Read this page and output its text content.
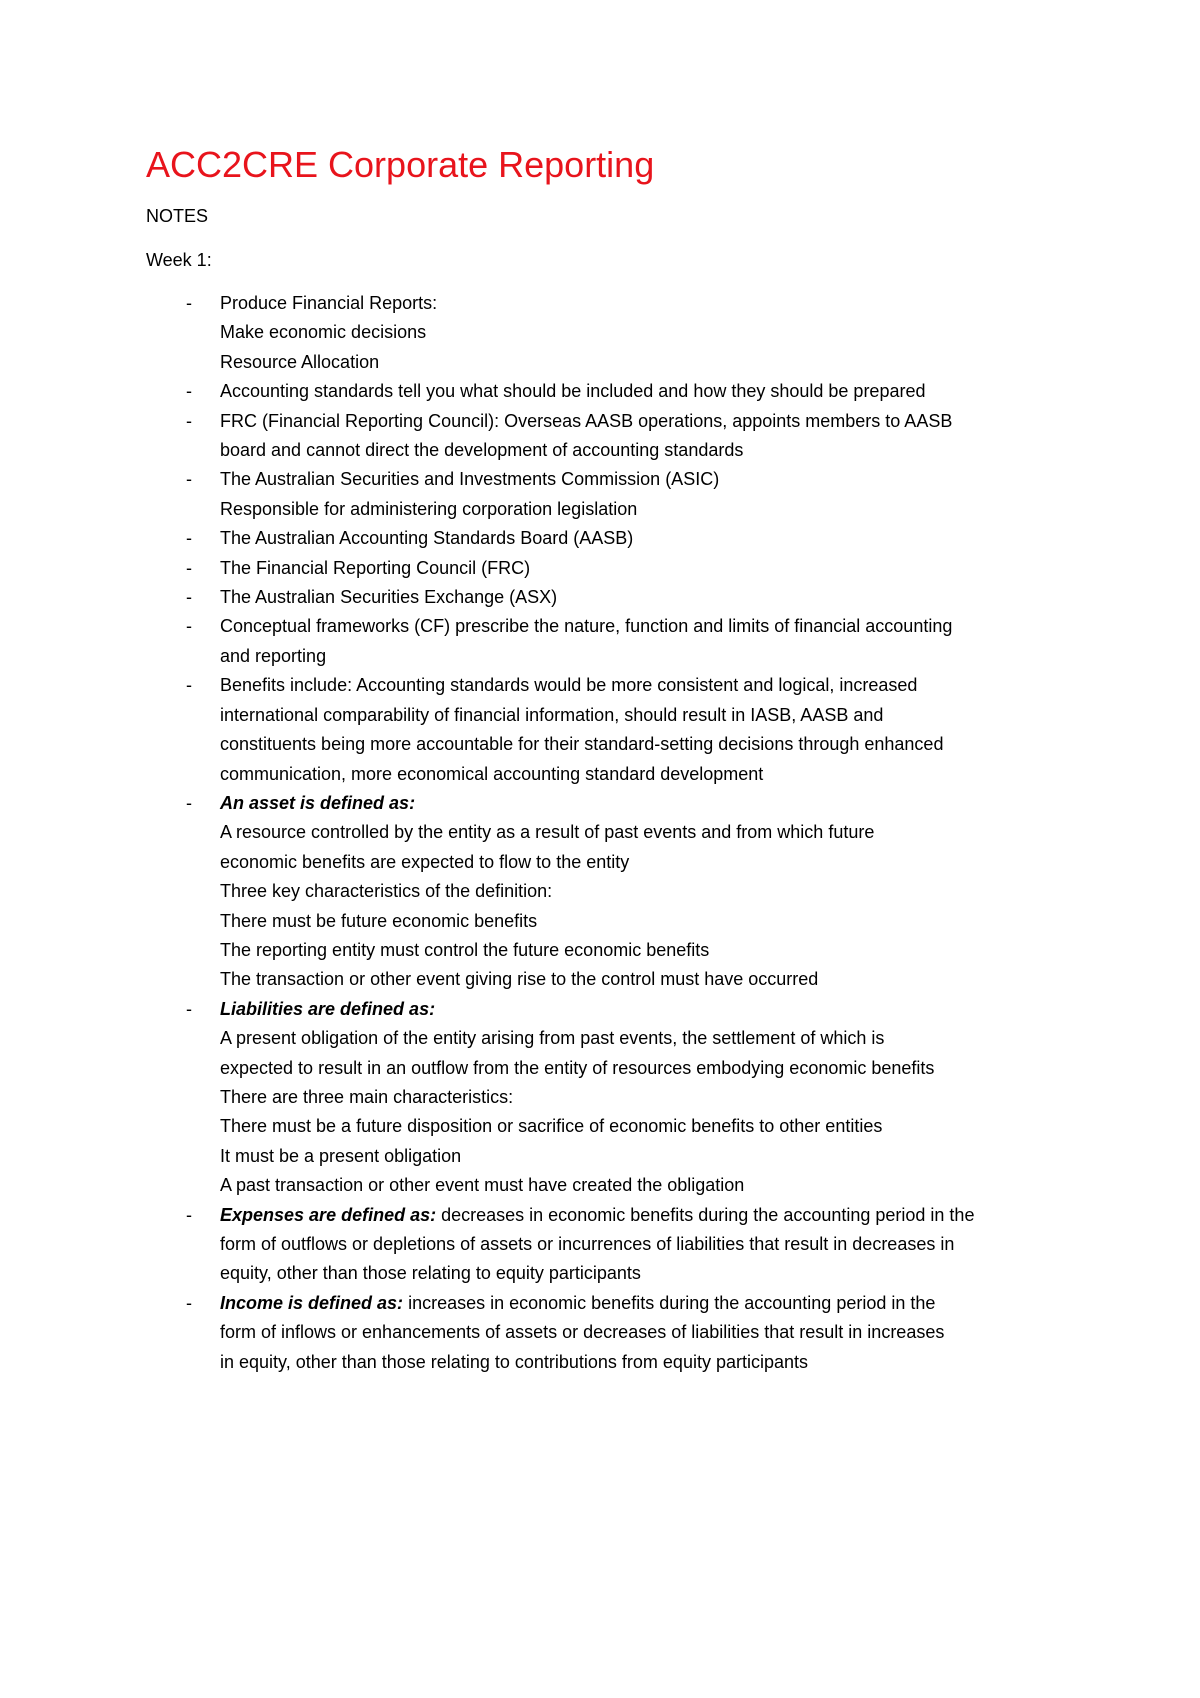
ACC2CRE Corporate Reporting

NOTES

Week 1:

- Produce Financial Reports:
Make economic decisions
Resource Allocation
- Accounting standards tell you what should be included and how they should be prepared
- FRC (Financial Reporting Council): Overseas AASB operations, appoints members to AASB
board and cannot direct the development of accounting standards
- The Australian Securities and Investments Commission (ASIC)
Responsible for administering corporation legislation
- The Australian Accounting Standards Board (AASB)
- The Financial Reporting Council (FRC)
- The Australian Securities Exchange (ASX)
- Conceptual frameworks (CF) prescribe the nature, function and limits of financial accounting
and reporting
- Benefits include: Accounting standards would be more consistent and logical, increased
international comparability of financial information, should result in IASB, AASB and
constituents being more accountable for their standard-setting decisions through enhanced
communication, more economical accounting standard development
- An asset is defined as:
A resource controlled by the entity as a result of past events and from which future
economic benefits are expected to flow to the entity
Three key characteristics of the definition:
There must be future economic benefits
The reporting entity must control the future economic benefits
The transaction or other event giving rise to the control must have occurred
- Liabilities are defined as:
A present obligation of the entity arising from past events, the settlement of which is
expected to result in an outflow from the entity of resources embodying economic benefits
There are three main characteristics:
There must be a future disposition or sacrifice of economic benefits to other entities
It must be a present obligation
A past transaction or other event must have created the obligation
- Expenses are defined as: decreases in economic benefits during the accounting period in the
form of outflows or depletions of assets or incurrences of liabilities that result in decreases in
equity, other than those relating to equity participants
- Income is defined as: increases in economic benefits during the accounting period in the
form of inflows or enhancements of assets or decreases of liabilities that result in increases
in equity, other than those relating to contributions from equity participants
